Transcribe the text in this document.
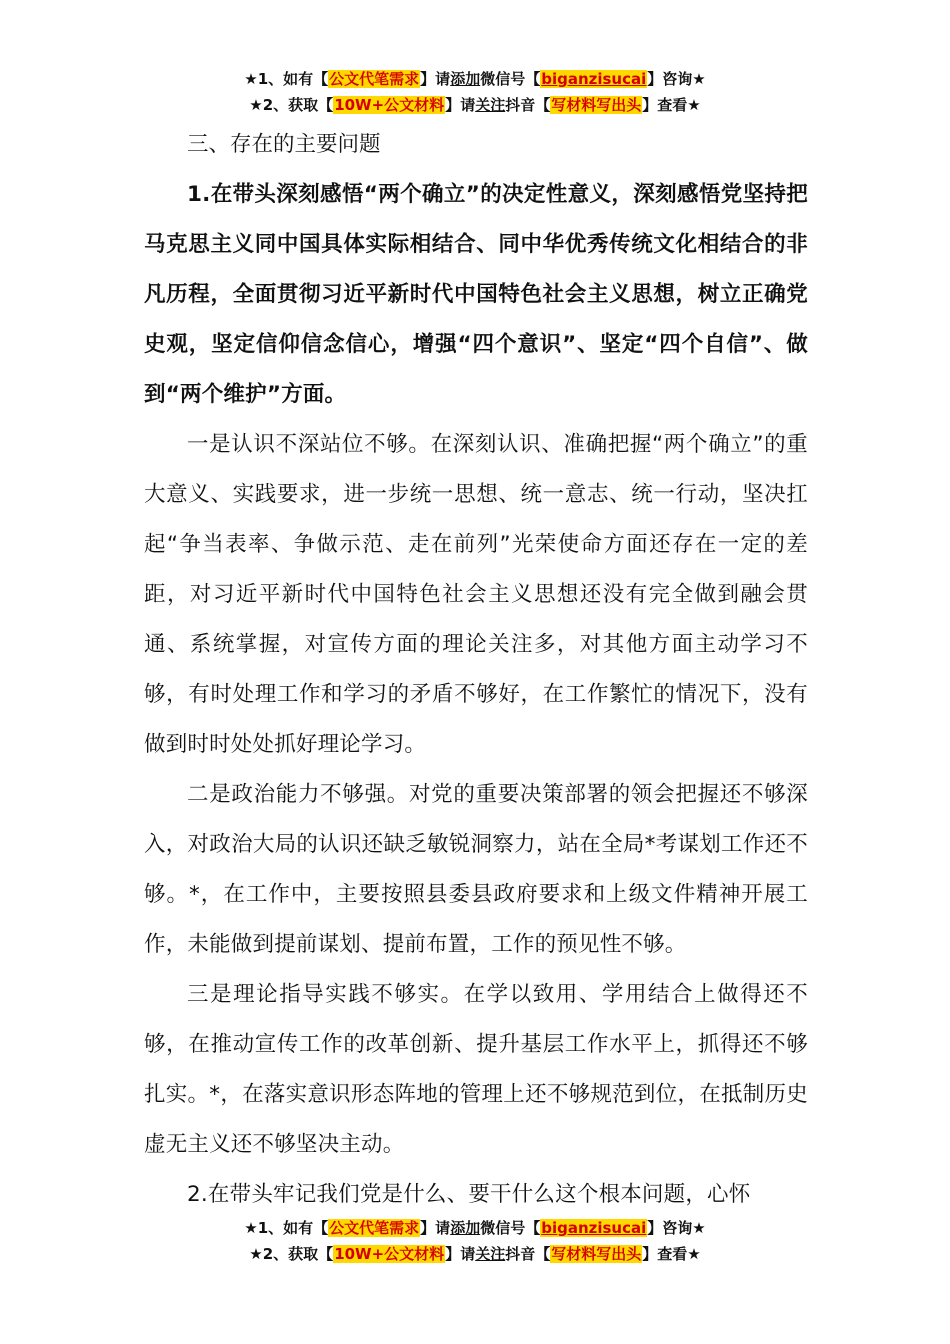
★1、如有【公文代笔需求】请添加微信号【biganzisucai】咨询★
★2、获取【10W+公文材料】请关注抖音【写材料写出头】查看★

三、存在的主要问题

1.在带头深刻感悟“两个确立”的决定性意义，深刻感悟党坚持把马克思主义同中国具体实际相结合、同中华优秀传统文化相结合的非凡历程，全面贯彻习近平新时代中国特色社会主义思想，树立正确党史观，坚定信仰信念信心，增强“四个意识”、坚定“四个自信”、做到“两个维护”方面。

一是认识不深站位不够。在深刻认识、准确把握“两个确立”的重大意义、实践要求，进一步统一思想、统一意志、统一行动，坚决扛起“争当表率、争做示范、走在前列”光荣使命方面还存在一定的差距，对习近平新时代中国特色社会主义思想还没有完全做到融会贯通、系统掌握，对宣传方面的理论关注多，对其他方面主动学习不够，有时处理工作和学习的矛盾不够好，在工作繁忙的情况下，没有做到时时处处抓好理论学习。

二是政治能力不够强。对党的重要决策部署的领会把握还不够深入，对政治大局的认识还缺乏敏锐洞察力，站在全局*考谋划工作还不够。*，在工作中，主要按照县委县政府要求和上级文件精神开展工作，未能做到提前谋划、提前布置，工作的预见性不够。

三是理论指导实践不够实。在学以致用、学用结合上做得还不够，在推动宣传工作的改革创新、提升基层工作水平上，抓得还不够扎实。*，在落实意识形态阵地的管理上还不够规范到位，在抵制历史虚无主义还不够坚决主动。

2.在带头牢记我们党是什么、要干什么这个根本问题，心怀

★1、如有【公文代笔需求】请添加微信号【biganzisucai】咨询★
★2、获取【10W+公文材料】请关注抖音【写材料写出头】查看★
